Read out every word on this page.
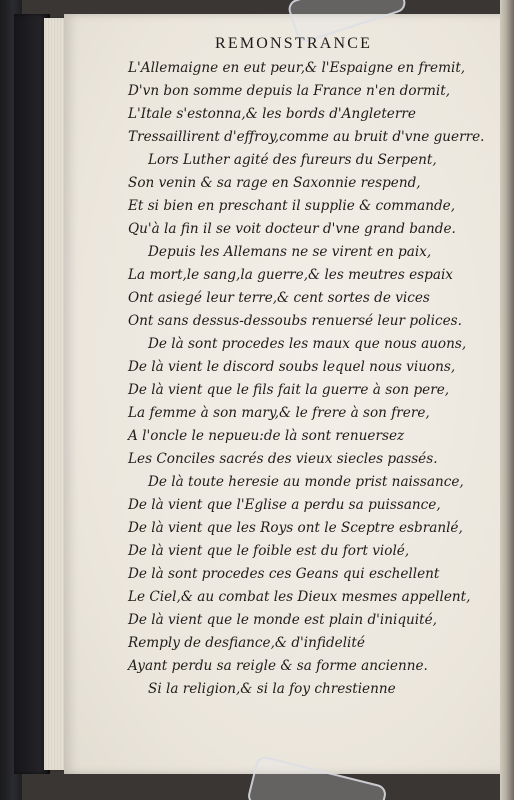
REMONSTRANCE
L'Allemaigne en eut peur,& l'Espaigne en fremit,
D'vn bon somme depuis la France n'en dormit,
L'Itale s'estonna,& les bords d'Angleterre
Tressaillirent d'effroy,comme au bruit d'vne guerre.
Lors Luther agité des fureurs du Serpent,
Son venin & sa rage en Saxonnie respend,
Et si bien en preschant il supplie & commande,
Qu'à la fin il se voit docteur d'vne grand bande.
Depuis les Allemans ne se virent en paix,
La mort,le sang,la guerre,& les meutres espaix
Ont asiegé leur terre,& cent sortes de vices
Ont sans dessus-dessoubs renuersé leur polices.
De là sont procedes les maux que nous auons,
De là vient le discord soubs lequel nous viuons,
De là vient que le fils fait la guerre à son pere,
La femme à son mary,& le frere à son frere,
A l'oncle le nepueu:de là sont renuersez
Les Conciles sacrés des vieux siecles passés.
De là toute heresie au monde prist naissance,
De là vient que l'Eglise a perdu sa puissance,
De là vient que les Roys ont le Sceptre esbranlé,
De là vient que le foible est du fort violé,
De là sont procedes ces Geans qui eschellent
Le Ciel,& au combat les Dieux mesmes appellent,
De là vient que le monde est plain d'iniquité,
Remply de desfiance,& d'infidelité
Ayant perdu sa reigle & sa forme ancienne.
Si la religion,& si la foy chrestienne
